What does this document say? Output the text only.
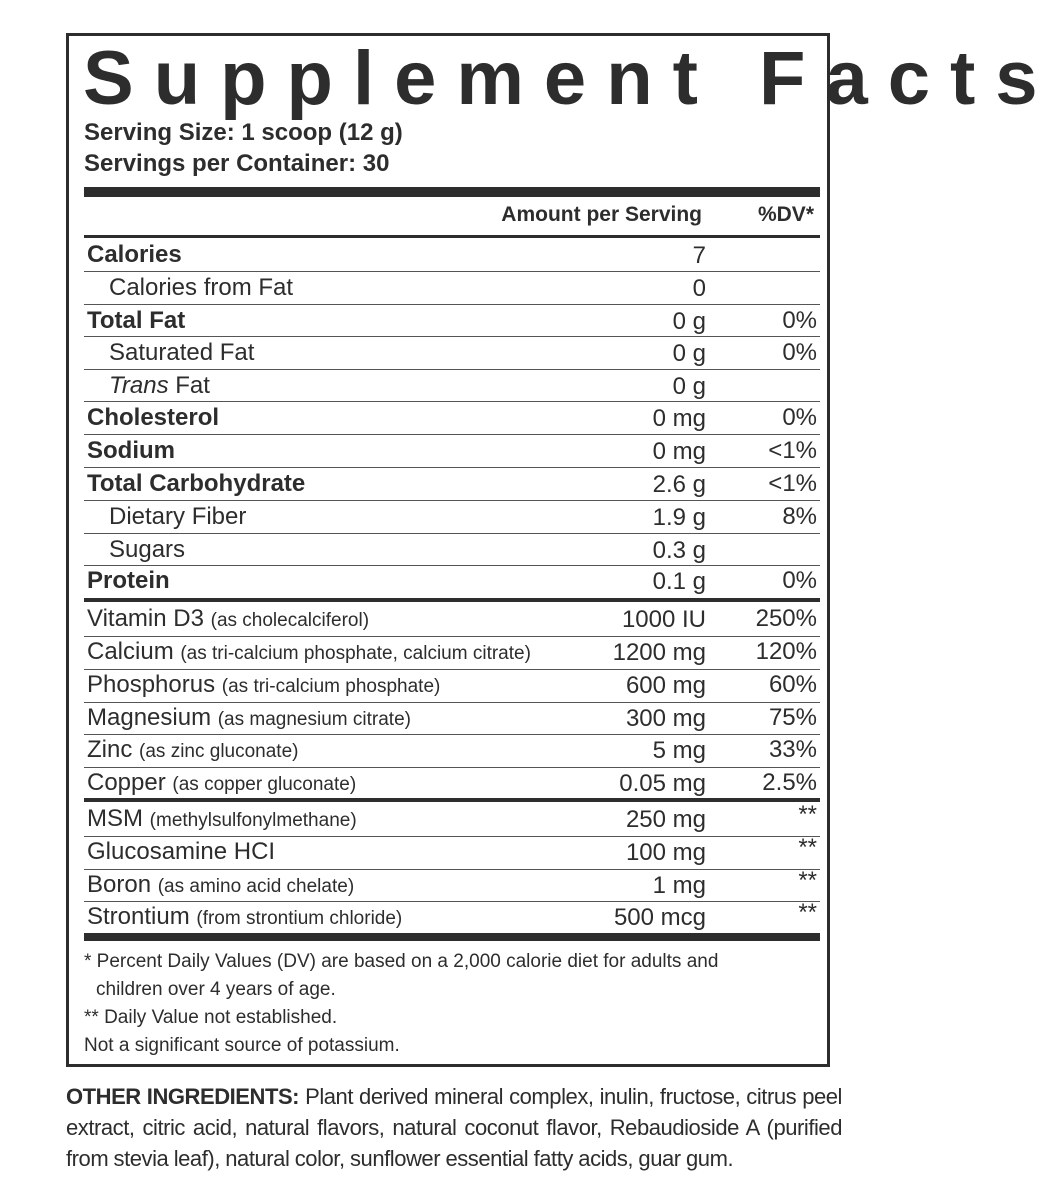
Supplement Facts
Serving Size: 1 scoop (12 g)
Servings per Container: 30
Amount per Serving	%DV*
Calories	7
Calories from Fat	0
Total Fat	0 g	0%
Saturated Fat	0 g	0%
Trans Fat	0 g
Cholesterol	0 mg	0%
Sodium	0 mg	<1%
Total Carbohydrate	2.6 g	<1%
Dietary Fiber	1.9 g	8%
Sugars	0.3 g
Protein	0.1 g	0%
Vitamin D3 (as cholecalciferol)	1000 IU 250%
Calcium (as tri-calcium phosphate, calcium citrate)	1200 mg 120%
Phosphorus (as tri-calcium phosphate)	600 mg	60%
Magnesium (as magnesium citrate)	300 mg	75%
Zinc (as zinc gluconate)	5 mg	33%
Copper (as copper gluconate)	0.05 mg 2.5%
MSM (methylsulfonylmethane)	250 mg	**
Glucosamine HCI	100 mg	**
Boron (as amino acid chelate)	1 mg	**
Strontium (from strontium chloride)	500 mcg	**
* Percent Daily Values (DV) are based on a 2,000 calorie diet for adults and
children over 4 years of age.
** Daily Value not established.
Not a significant source of potassium.
OTHER INGREDIENTS: Plant derived mineral complex, inulin, fructose, citrus peel extract, citric acid, natural flavors, natural coconut flavor, Rebaudioside A (purified from stevia leaf), natural color, sunflower essential fatty acids, guar gum.
